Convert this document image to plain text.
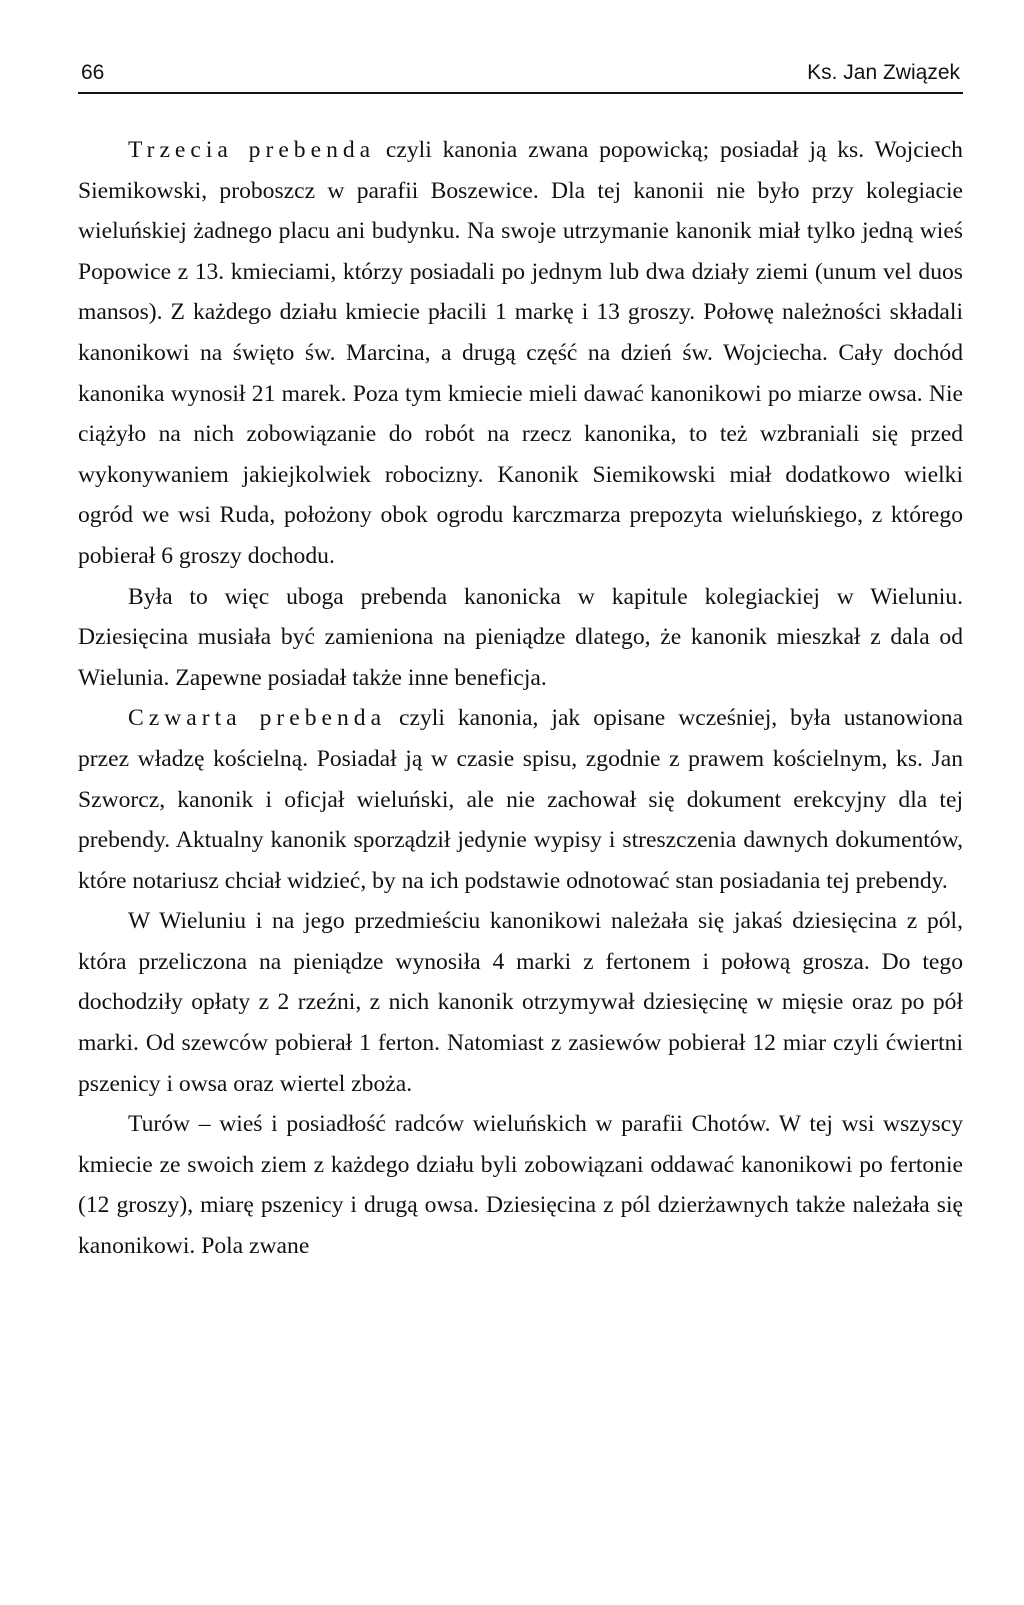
66	Ks. Jan Związek

Trzecia prebenda czyli kanonia zwana popowicką; posiadał ją ks. Wojciech Siemikowski, proboszcz w parafii Boszewice. Dla tej kanonii nie było przy kolegiacie wieluńskiej żadnego placu ani budynku. Na swoje utrzymanie kanonik miał tylko jedną wieś Popowice z 13. kmieciami, którzy posiadali po jednym lub dwa działy ziemi (unum vel duos mansos). Z każdego działu kmiecie płacili 1 markę i 13 groszy. Połowę należności składali kanonikowi na święto św. Marcina, a drugą część na dzień św. Wojciecha. Cały dochód kanonika wynosił 21 marek. Poza tym kmiecie mieli dawać kanonikowi po miarze owsa. Nie ciążyło na nich zobowiązanie do robót na rzecz kanonika, to też wzbraniali się przed wykonywaniem jakiejkolwiek robocizny. Kanonik Siemikowski miał dodatkowo wielki ogród we wsi Ruda, położony obok ogrodu karczmarza prepozyta wieluńskiego, z którego pobierał 6 groszy dochodu.

Była to więc uboga prebenda kanonicka w kapitule kolegiackiej w Wieluniu. Dziesięcina musiała być zamieniona na pieniądze dlatego, że kanonik mieszkał z dala od Wielunia. Zapewne posiadał także inne beneficja.

Czwarta prebenda czyli kanonia, jak opisane wcześniej, była ustanowiona przez władzę kościelną. Posiadał ją w czasie spisu, zgodnie z prawem kościelnym, ks. Jan Szworcz, kanonik i oficjał wieluński, ale nie zachował się dokument erekcyjny dla tej prebendy. Aktualny kanonik sporządził jedynie wypisy i streszczenia dawnych dokumentów, które notariusz chciał widzieć, by na ich podstawie odnotować stan posiadania tej prebendy.

W Wieluniu i na jego przedmieściu kanonikowi należała się jakaś dziesięcina z pól, która przeliczona na pieniądze wynosiła 4 marki z fertonem i połową grosza. Do tego dochodziły opłaty z 2 rzeźni, z nich kanonik otrzymywał dziesięcinę w mięsie oraz po pół marki. Od szewców pobierał 1 ferton. Natomiast z zasiewów pobierał 12 miar czyli ćwiertni pszenicy i owsa oraz wiertel zboża.

Turów – wieś i posiadłość radców wieluńskich w parafii Chotów. W tej wsi wszyscy kmiecie ze swoich ziem z każdego działu byli zobowiązani oddawać kanonikowi po fertonie (12 groszy), miarę pszenicy i drugą owsa. Dziesięcina z pól dzierżawnych także należała się kanonikowi. Pola zwane
